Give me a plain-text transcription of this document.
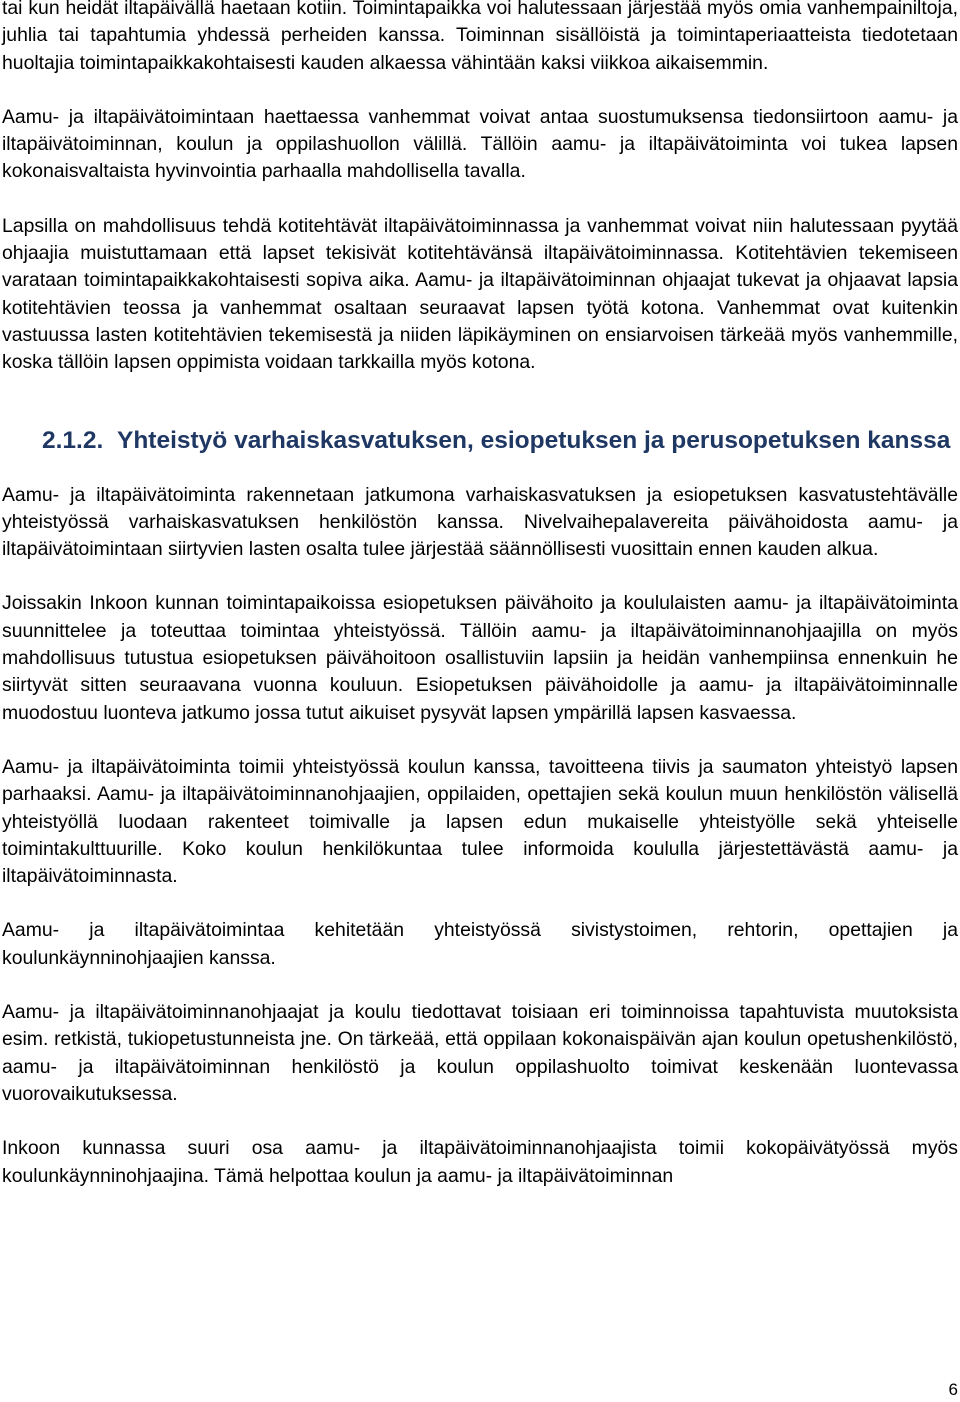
tai kun heidät iltapäivällä haetaan kotiin. Toimintapaikka voi halutessaan järjestää myös omia vanhempainiltoja, juhlia tai tapahtumia yhdessä perheiden kanssa. Toiminnan sisällöistä ja toimintaperiaatteista tiedotetaan huoltajia toimintapaikkakohtaisesti kauden alkaessa vähintään kaksi viikkoa aikaisemmin.

Aamu- ja iltapäivätoimintaan haettaessa vanhemmat voivat antaa suostumuksensa tiedonsiirtoon aamu- ja iltapäivätoiminnan, koulun ja oppilashuollon välillä. Tällöin aamu- ja iltapäivätoiminta voi tukea lapsen kokonaisvaltaista hyvinvointia parhaalla mahdollisella tavalla.

Lapsilla on mahdollisuus tehdä kotitehtävät iltapäivätoiminnassa ja vanhemmat voivat niin halutessaan pyytää ohjaajia muistuttamaan että lapset tekisivät kotitehtävänsä iltapäivätoiminnassa. Kotitehtävien tekemiseen varataan toimintapaikkakohtaisesti sopiva aika. Aamu- ja iltapäivätoiminnan ohjaajat tukevat ja ohjaavat lapsia kotitehtävien teossa ja vanhemmat osaltaan seuraavat lapsen työtä kotona. Vanhemmat ovat kuitenkin vastuussa lasten kotitehtävien tekemisestä ja niiden läpikäyminen on ensiarvoisen tärkeää myös vanhemmille, koska tällöin lapsen oppimista voidaan tarkkailla myös kotona.

2.1.2. Yhteistyö varhaiskasvatuksen, esiopetuksen ja perusopetuksen kanssa

Aamu- ja iltapäivätoiminta rakennetaan jatkumona varhaiskasvatuksen ja esiopetuksen kasvatustehtävälle yhteistyössä varhaiskasvatuksen henkilöstön kanssa. Nivelvaihepalavereita päivähoidosta aamu- ja iltapäivätoimintaan siirtyvien lasten osalta tulee järjestää säännöllisesti vuosittain ennen kauden alkua.

Joissakin Inkoon kunnan toimintapaikoissa esiopetuksen päivähoito ja koululaisten aamu- ja iltapäivätoiminta suunnittelee ja toteuttaa toimintaa yhteistyössä. Tällöin aamu- ja iltapäivätoiminnanohjaajilla on myös mahdollisuus tutustua esiopetuksen päivähoitoon osallistuviin lapsiin ja heidän vanhempiinsa ennenkuin he siirtyvät sitten seuraavana vuonna kouluun. Esiopetuksen päivähoidolle ja aamu- ja iltapäivätoiminnalle muodostuu luonteva jatkumo jossa tutut aikuiset pysyvät lapsen ympärillä lapsen kasvaessa.

Aamu- ja iltapäivätoiminta toimii yhteistyössä koulun kanssa, tavoitteena tiivis ja saumaton yhteistyö lapsen parhaaksi. Aamu- ja iltapäivätoiminnanohjaajien, oppilaiden, opettajien sekä koulun muun henkilöstön välisellä yhteistyöllä luodaan rakenteet toimivalle ja lapsen edun mukaiselle yhteistyölle sekä yhteiselle toimintakulttuurille. Koko koulun henkilökuntaa tulee informoida koululla järjestettävästä aamu- ja iltapäivätoiminnasta.

Aamu- ja iltapäivätoimintaa kehitetään yhteistyössä sivistystoimen, rehtorin, opettajien ja koulunkäynninohjaajien kanssa.

Aamu- ja iltapäivätoiminnanohjaajat ja koulu tiedottavat toisiaan eri toiminnoissa tapahtuvista muutoksista esim. retkistä, tukiopetustunneista jne. On tärkeää, että oppilaan kokonaispäivän ajan koulun opetushenkilöstö, aamu- ja iltapäivätoiminnan henkilöstö ja koulun oppilashuolto toimivat keskenään luontevassa vuorovaikutuksessa.

Inkoon kunnassa suuri osa aamu- ja iltapäivätoiminnanohjaajista toimii kokopäivätyössä myös koulunkäynninohjaajina. Tämä helpottaa koulun ja aamu- ja iltapäivätoiminnan

6
